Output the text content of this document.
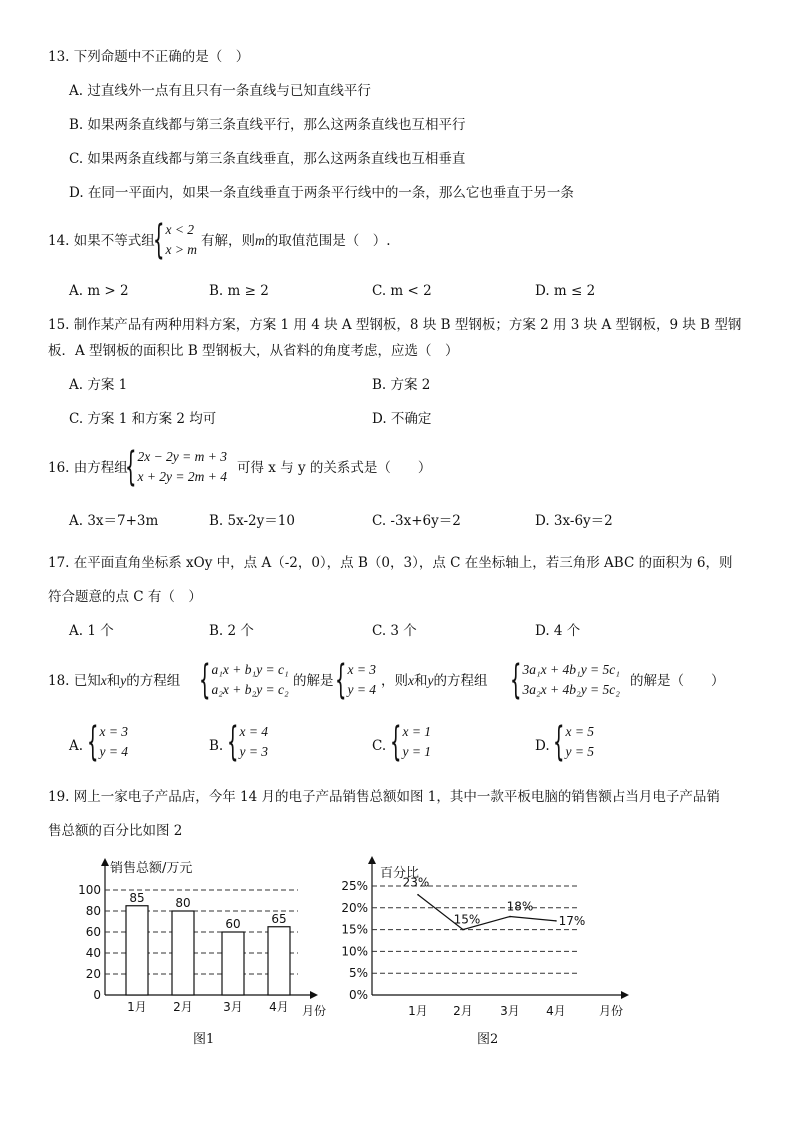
13. 下列命题中不正确的是（　）
A. 过直线外一点有且只有一条直线与已知直线平行
B. 如果两条直线都与第三条直线平行，那么这两条直线也互相平行
C. 如果两条直线都与第三条直线垂直，那么这两条直线也互相垂直
D. 在同一平面内，如果一条直线垂直于两条平行线中的一条，那么它也垂直于另一条
14. 如果不等式组
{ x < 2
x > m
有解，则m的取值范围是（　）.
A. m > 2	B. m ≥ 2	C. m < 2	D. m ≤ 2
15. 制作某产品有两种用料方案，方案 1 用 4 块 A 型钢板，8 块 B 型钢板；方案 2 用 3 块 A 型钢板，9 块 B 型钢
板．A 型钢板的面积比 B 型钢板大，从省料的角度考虑，应选（　）
A. 方案 1	B. 方案 2
C. 方案 1 和方案 2 均可	D. 不确定
16. 由方程组
{ 2x − 2y = m + 3
x + 2y = 2m + 4
可得 x 与 y 的关系式是（　　）
A. 3x＝7+3m	B. 5x-2y＝10	C. -3x+6y＝2	D. 3x-6y＝2
17. 在平面直角坐标系 xOy 中，点 A（-2，0），点 B（0，3），点 C 在坐标轴上，若三角形 ABC 的面积为 6，则
符合题意的点 C 有（　）
A. 1 个	B. 2 个	C. 3 个	D. 4 个
18. 已知x和y的方程组 { a₁x + b₁y = c₁
a₂x + b₂y = c₂
的解是 { x = 3
y = 4
，则x和y的方程组 { 3a₁x + 4b₁y = 5c₁
3a₂x + 4b₂y = 5c₂
的解是（　　）
A. { x = 3
y = 4	B. { x = 4
y = 3	C. { x = 1
y = 1	D. { x = 5
y = 5
19. 网上一家电子产品店，今年 14 月的电子产品销售总额如图 1，其中一款平板电脑的销售额占当月电子产品销
售总额的百分比如图 2
销售总额/万元
月份
0
20
40
60
80
100
85
1月
80
2月
60
3月
65
4月
图1
百分比
月份
0%
5%
10%
15%
20%
25%	23%
1月
15%
2月
18%
3月
17%
4月
图2
